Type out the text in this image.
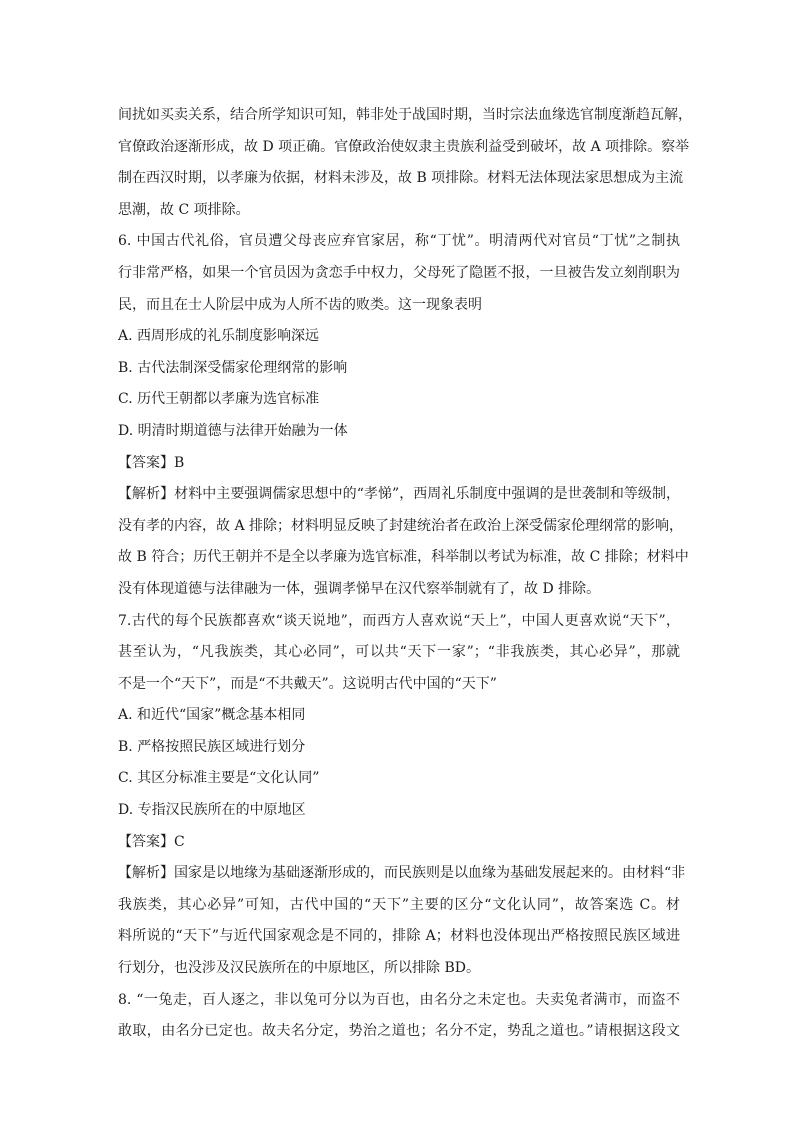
间扰如买卖关系，结合所学知识可知，韩非处于战国时期，当时宗法血缘选官制度渐趋瓦解，
官僚政治逐渐形成，故 D 项正确。官僚政治使奴隶主贵族利益受到破坏，故 A 项排除。察举
制在西汉时期，以孝廉为依据，材料未涉及，故 B 项排除。材料无法体现法家思想成为主流
思潮，故 C 项排除。
6. 中国古代礼俗，官员遭父母丧应弃官家居，称“丁忧”。明清两代对官员“丁忧”之制执
行非常严格，如果一个官员因为贪恋手中权力，父母死了隐匿不报，一旦被告发立刻削职为
民，而且在士人阶层中成为人所不齿的败类。这一现象表明
A. 西周形成的礼乐制度影响深远
B. 古代法制深受儒家伦理纲常的影响
C. 历代王朝都以孝廉为选官标准
D. 明清时期道德与法律开始融为一体
【答案】B
【解析】材料中主要强调儒家思想中的“孝悌”，西周礼乐制度中强调的是世袭制和等级制，
没有孝的内容，故 A 排除；材料明显反映了封建统治者在政治上深受儒家伦理纲常的影响，
故 B 符合；历代王朝并不是全以孝廉为选官标准，科举制以考试为标准，故 C 排除；材料中
没有体现道德与法律融为一体，强调孝悌早在汉代察举制就有了，故 D 排除。
7.古代的每个民族都喜欢“谈天说地”，而西方人喜欢说“天上”，中国人更喜欢说“天下”，
甚至认为，“凡我族类，其心必同”，可以共“天下一家”；“非我族类，其心必异”，那就
不是一个“天下”，而是“不共戴天”。这说明古代中国的“天下”
A. 和近代“国家”概念基本相同
B. 严格按照民族区域进行划分
C. 其区分标准主要是“文化认同”
D. 专指汉民族所在的中原地区
【答案】C
【解析】国家是以地缘为基础逐渐形成的，而民族则是以血缘为基础发展起来的。由材料“非
我族类，其心必异”可知，古代中国的“天下”主要的区分“文化认同”，故答案选 C。材
料所说的“天下”与近代国家观念是不同的，排除 A；材料也没体现出严格按照民族区域进
行划分，也没涉及汉民族所在的中原地区，所以排除 BD。
8. “一兔走，百人逐之，非以兔可分以为百也，由名分之未定也。夫卖兔者满市，而盗不
敢取，由名分已定也。故夫名分定，势治之道也；名分不定，势乱之道也。”请根据这段文
